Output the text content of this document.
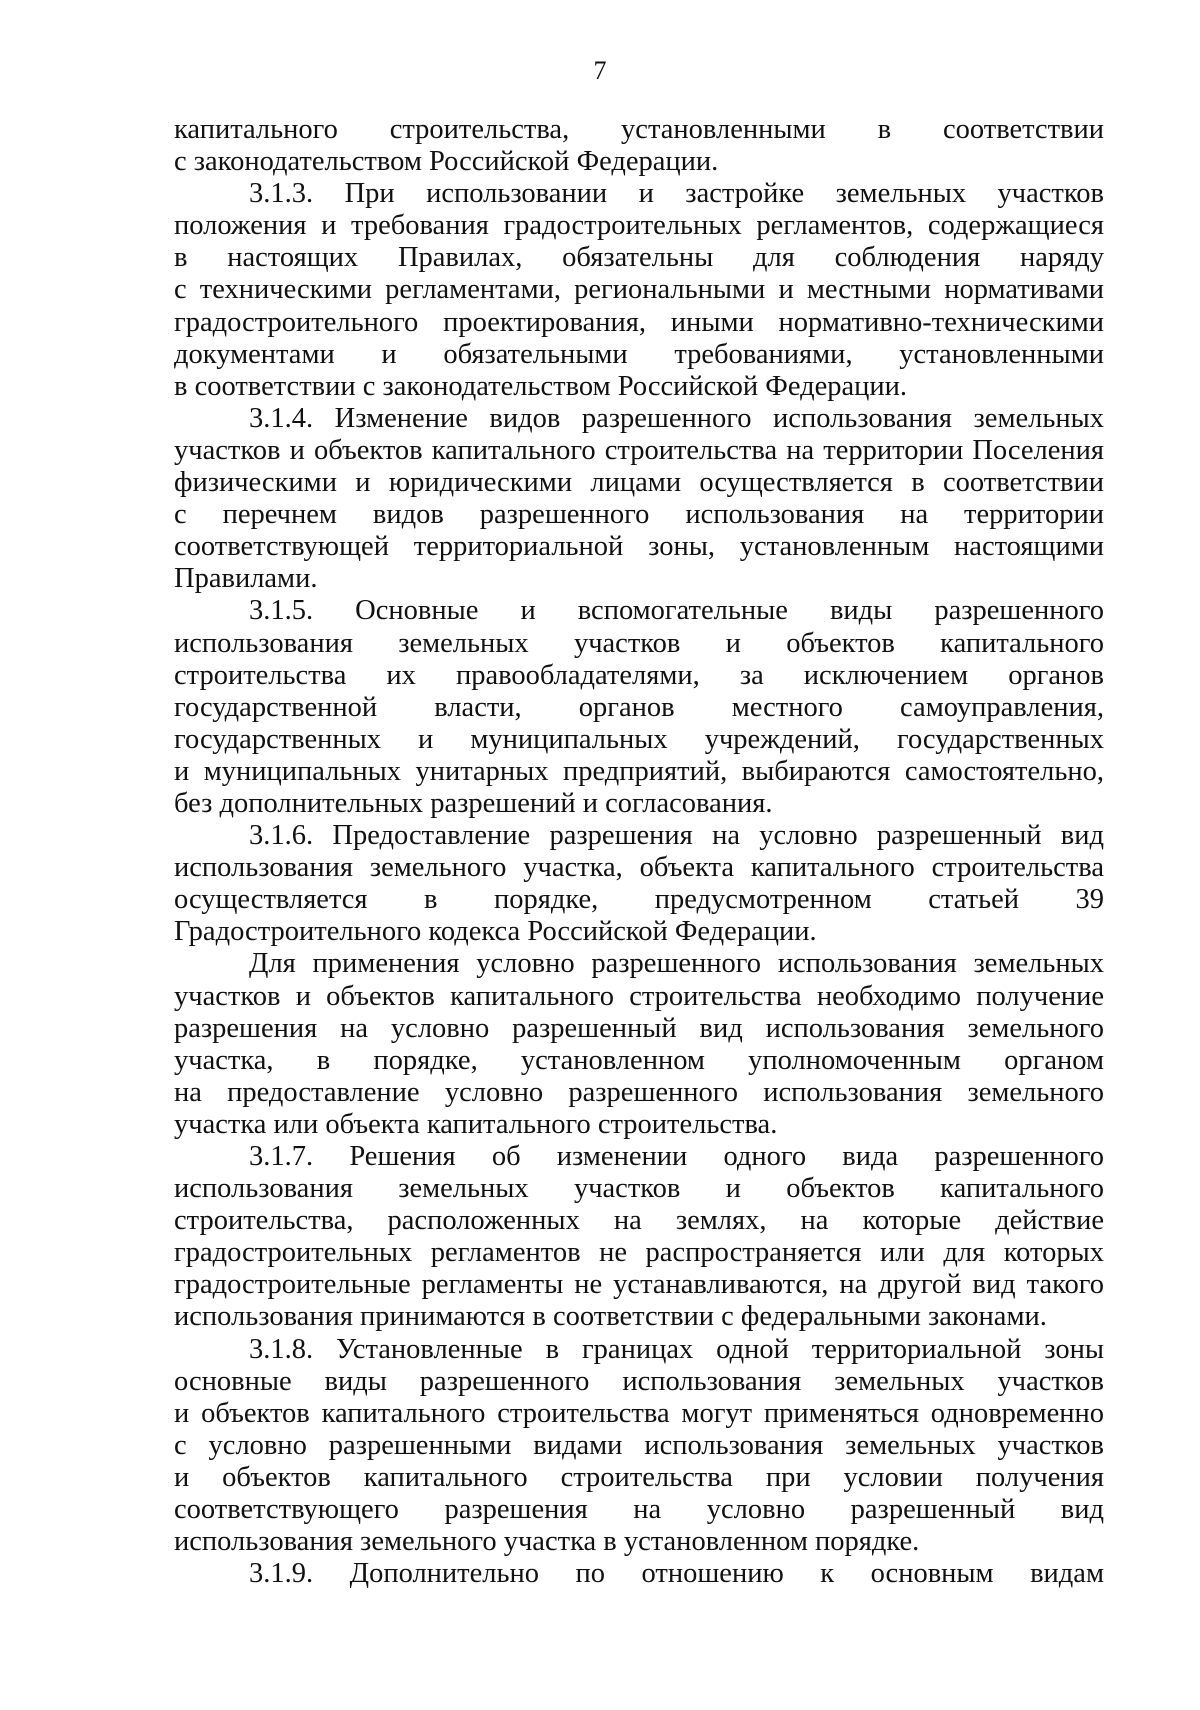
7
капитального строительства, установленными в соответствии
с законодательством Российской Федерации.
3.1.3. При использовании и застройке земельных участков
положения и требования градостроительных регламентов, содержащиеся
в настоящих Правилах, обязательны для соблюдения наряду
с техническими регламентами, региональными и местными нормативами
градостроительного проектирования, иными нормативно-техническими
документами и обязательными требованиями, установленными
в соответствии с законодательством Российской Федерации.
3.1.4. Изменение видов разрешенного использования земельных
участков и объектов капитального строительства на территории Поселения
физическими и юридическими лицами осуществляется в соответствии
с перечнем видов разрешенного использования на территории
соответствующей территориальной зоны, установленным настоящими
Правилами.
3.1.5. Основные и вспомогательные виды разрешенного
использования земельных участков и объектов капитального
строительства их правообладателями, за исключением органов
государственной власти, органов местного самоуправления,
государственных и муниципальных учреждений, государственных
и муниципальных унитарных предприятий, выбираются самостоятельно,
без дополнительных разрешений и согласования.
3.1.6. Предоставление разрешения на условно разрешенный вид
использования земельного участка, объекта капитального строительства
осуществляется в порядке, предусмотренном статьей 39
Градостроительного кодекса Российской Федерации.
Для применения условно разрешенного использования земельных
участков и объектов капитального строительства необходимо получение
разрешения на условно разрешенный вид использования земельного
участка, в порядке, установленном уполномоченным органом
на предоставление условно разрешенного использования земельного
участка или объекта капитального строительства.
3.1.7. Решения об изменении одного вида разрешенного
использования земельных участков и объектов капитального
строительства, расположенных на землях, на которые действие
градостроительных регламентов не распространяется или для которых
градостроительные регламенты не устанавливаются, на другой вид такого
использования принимаются в соответствии с федеральными законами.
3.1.8. Установленные в границах одной территориальной зоны
основные виды разрешенного использования земельных участков
и объектов капитального строительства могут применяться одновременно
с условно разрешенными видами использования земельных участков
и объектов капитального строительства при условии получения
соответствующего разрешения на условно разрешенный вид
использования земельного участка в установленном порядке.
3.1.9. Дополнительно по отношению к основным видам
